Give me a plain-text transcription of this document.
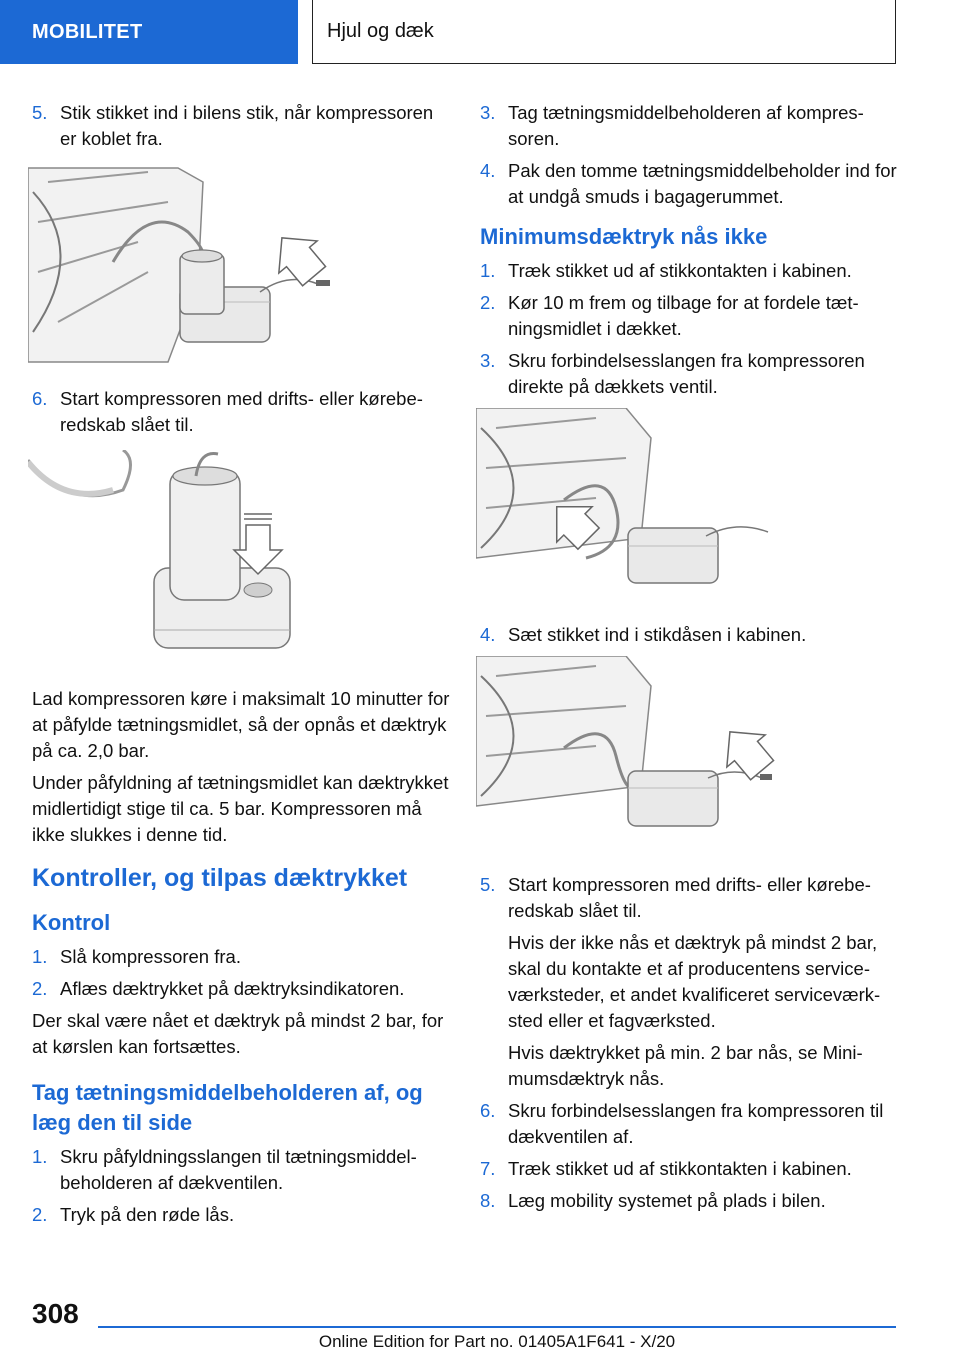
MOBILITET	Hjul og dæk
5. Stik stikket ind i bilens stik, når kompressoren er koblet fra.
6. Start kompressoren med drifts- eller køreberedskab slået til.

Lad kompressoren køre i maksimalt 10 minutter for at påfylde tætningsmidlet, så der opnås et dæktryk på ca. 2,0 bar.

Under påfyldning af tætningsmidlet kan dæktrykket midlertidigt stige til ca. 5 bar. Kompressoren må ikke slukkes i denne tid.

Kontroller, og tilpas dæktrykket
Kontrol
1. Slå kompressoren fra.
2. Aflæs dæktrykket på dæktryksindikatoren.

Der skal være nået et dæktryk på mindst 2 bar, for at kørslen kan fortsættes.

Tag tætningsmiddelbeholderen af, og læg den til side
1. Skru påfyldningsslangen til tætningsmiddelbeholderen af dækventilen.
2. Tryk på den røde lås.
3. Tag tætningsmiddelbeholderen af kompressoren.
4. Pak den tomme tætningsmiddelbeholder ind for at undgå smuds i bagagerummet.
Minimumsdæktryk nås ikke
1. Træk stikket ud af stikkontakten i kabinen.
2. Kør 10 m frem og tilbage for at fordele tætningsmidlet i dækket.
3. Skru forbindelsesslangen fra kompressoren direkte på dækkets ventil.
4. Sæt stikket ind i stikdåsen i kabinen.
5. Start kompressoren med drifts- eller køreberedskab slået til.

Hvis der ikke nås et dæktryk på mindst 2 bar, skal du kontakte et af producentens serviceværksteder, et andet kvalificeret serviceværksted eller et fagværksted.

Hvis dæktrykket på min. 2 bar nås, se Minimumsdæktryk nås.

6. Skru forbindelsesslangen fra kompressoren til dækventilen af.
7. Træk stikket ud af stikkontakten i kabinen.
8. Læg mobility systemet på plads i bilen.
308
Online Edition for Part no. 01405A1F641 - X/20
